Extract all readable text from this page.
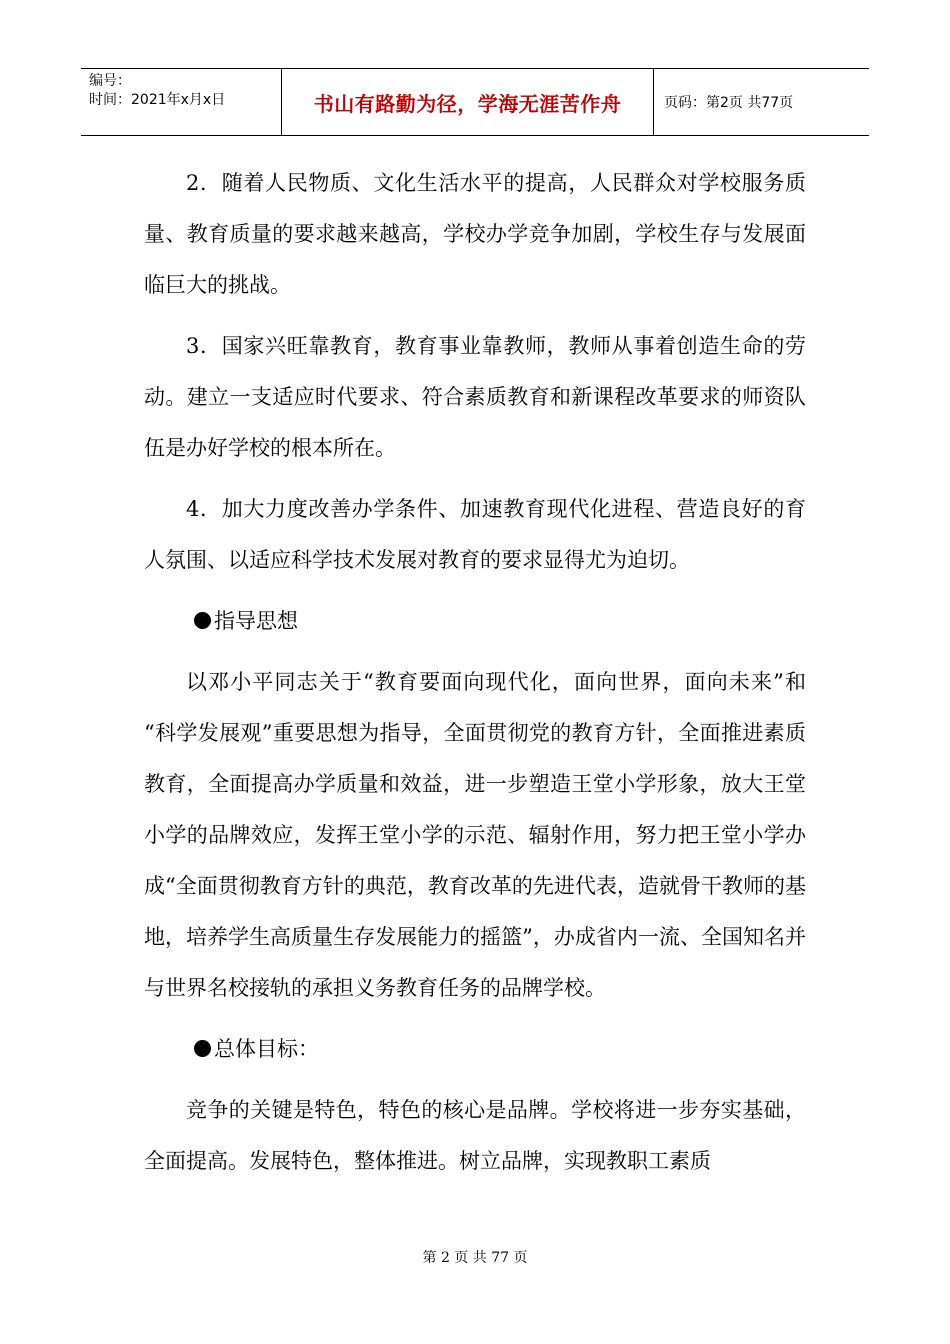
编号：
时间：2021年x月x日	书山有路勤为径，学海无涯苦作舟	页码：第2页 共77页

2．随着人民物质、文化生活水平的提高，人民群众对学校服务质量、教育质量的要求越来越高，学校办学竞争加剧，学校生存与发展面临巨大的挑战。

3．国家兴旺靠教育，教育事业靠教师，教师从事着创造生命的劳动。建立一支适应时代要求、符合素质教育和新课程改革要求的师资队伍是办好学校的根本所在。

4．加大力度改善办学条件、加速教育现代化进程、营造良好的育人氛围、以适应科学技术发展对教育的要求显得尤为迫切。

指导思想

以邓小平同志关于“教育要面向现代化，面向世界，面向未来”和 “科学发展观”重要思想为指导，全面贯彻党的教育方针，全面推进素质教育，全面提高办学质量和效益，进一步塑造王堂小学形象，放大王堂小学的品牌效应，发挥王堂小学的示范、辐射作用，努力把王堂小学办成“全面贯彻教育方针的典范，教育改革的先进代表，造就骨干教师的基地，培养学生高质量生存发展能力的摇篮”，办成省内一流、全国知名并与世界名校接轨的承担义务教育任务的品牌学校。

总体目标：

竞争的关键是特色，特色的核心是品牌。学校将进一步夯实基础，全面提高。发展特色，整体推进。树立品牌，实现教职工素质

第 2 页 共 77 页
